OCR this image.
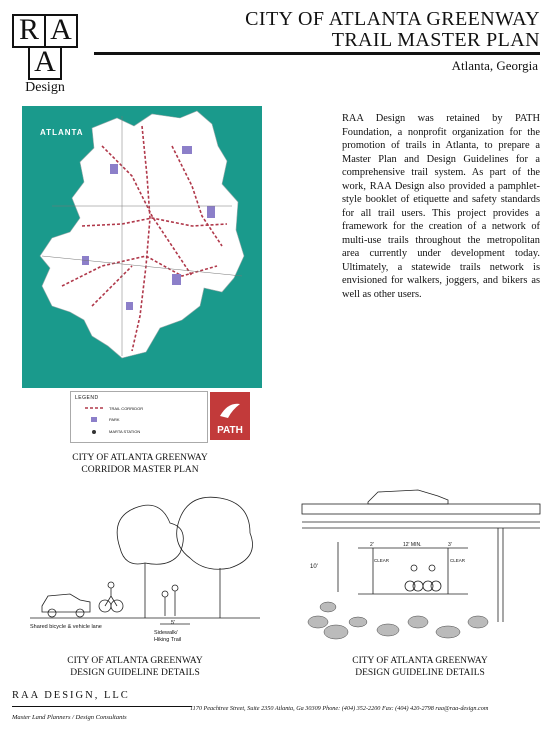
R A
A
Design
CITY OF ATLANTA GREENWAY
TRAIL MASTER PLAN
Atlanta, Georgia
ATLANTA
LEGEND
TRAIL CORRIDOR
PARK
MARTA STATION	PATH
CITY OF ATLANTA GREENWAY
CORRIDOR MASTER PLAN
RAA Design was retained by PATH Foundation, a nonprofit organization for the promotion of trails in Atlanta, to prepare a Master Plan and Design Guidelines for a comprehensive trail system. As part of the work, RAA Design also provided a pamphlet-style booklet of etiquette and safety standards for all trail users. This project provides a framework for the creation of a network of multi-use trails throughout the metropolitan area currently under development today. Ultimately, a statewide trails network is envisioned for walkers, joggers, and bikers as well as other users.
Shared bicycle & vehicle lane
5'
Sidewalk/
Hiking Trail
CITY OF ATLANTA GREENWAY
DESIGN GUIDELINE DETAILS
2'	12' MIN.	3'
CLEAR	CLEAR
10'
CITY OF ATLANTA GREENWAY
DESIGN GUIDELINE DETAILS
RAA DESIGN, LLC
Master Land Planners / Design Consultants
1170 Peachtree Street, Suite 2350 Atlanta, Ga 30309 Phone: (404) 352-2200 Fax: (404) 420-2798 raa@raa-design.com
